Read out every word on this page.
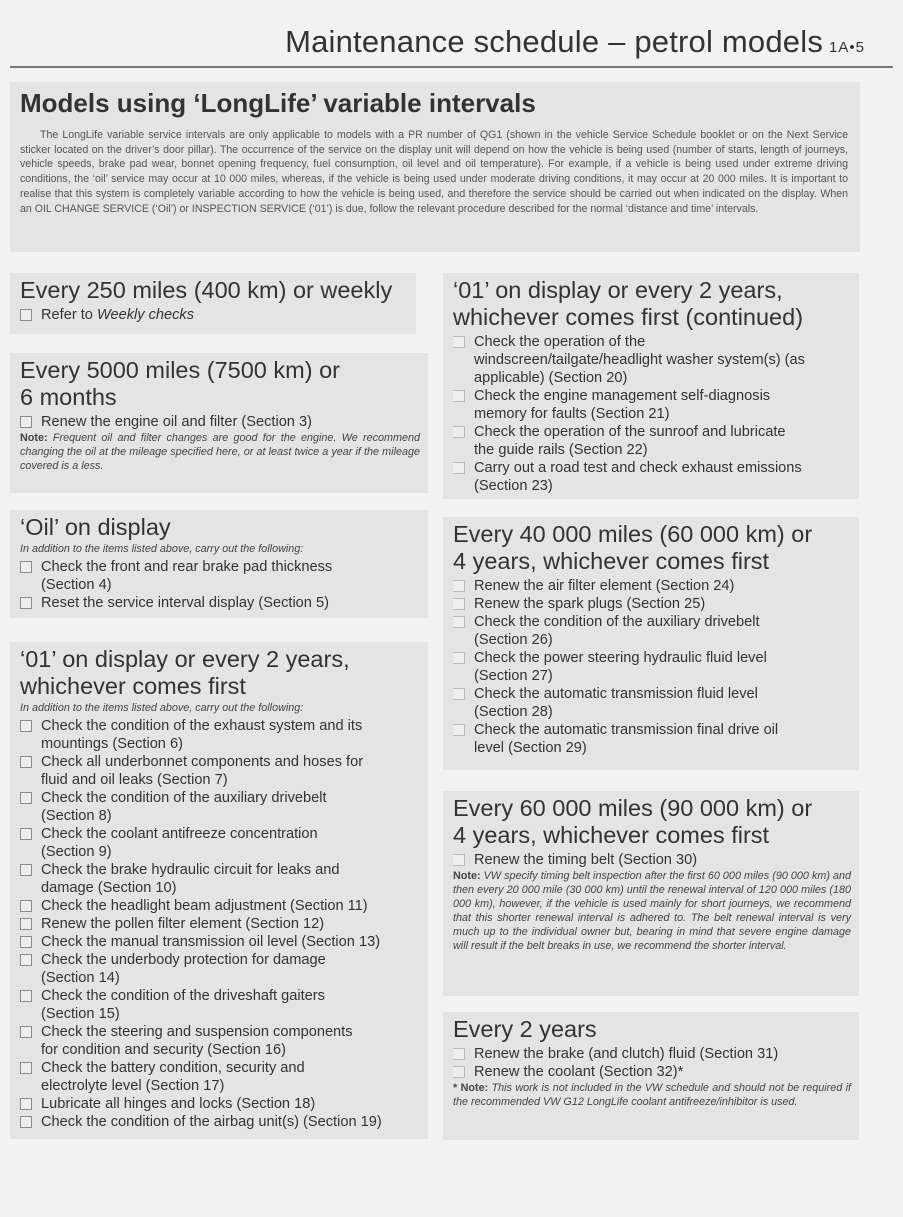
Maintenance schedule – petrol models 1A•5
Models using ‘LongLife’ variable intervals

The LongLife variable service intervals are only applicable to models with a PR number of QG1 (shown in the vehicle Service Schedule booklet or on the Next Service sticker located on the driver’s door pillar). The occurrence of the service on the display unit will depend on how the vehicle is being used (number of starts, length of journeys, vehicle speeds, brake pad wear, bonnet opening frequency, fuel consumption, oil level and oil temperature). For example, if a vehicle is being used under extreme driving conditions, the ‘oil’ service may occur at 10 000 miles, whereas, if the vehicle is being used under moderate driving conditions, it may occur at 20 000 miles. It is important to realise that this system is completely variable according to how the vehicle is being used, and therefore the service should be carried out when indicated on the display. When an OIL CHANGE SERVICE (‘Oil’) or INSPECTION SERVICE (‘01’) is due, follow the relevant procedure described for the normal ‘distance and time’ intervals.

Every 250 miles (400 km) or weekly
Refer to Weekly checks
Every 5000 miles (7500 km) or
6 months
Renew the engine oil and filter (Section 3)

Note: Frequent oil and filter changes are good for the engine. We recommend changing the oil at the mileage specified here, or at least twice a year if the mileage covered is a less.

‘Oil’ on display

In addition to the items listed above, carry out the following:

Check the front and rear brake pad thickness
(Section 4)
Reset the service interval display (Section 5)
‘01’ on display or every 2 years,
whichever comes first

In addition to the items listed above, carry out the following:

Check the condition of the exhaust system and its
mountings (Section 6)
Check all underbonnet components and hoses for
fluid and oil leaks (Section 7)
Check the condition of the auxiliary drivebelt
(Section 8)
Check the coolant antifreeze concentration
(Section 9)
Check the brake hydraulic circuit for leaks and
damage (Section 10)
Check the headlight beam adjustment (Section 11)
Renew the pollen filter element (Section 12)
Check the manual transmission oil level (Section 13)
Check the underbody protection for damage
(Section 14)
Check the condition of the driveshaft gaiters
(Section 15)
Check the steering and suspension components
for condition and security (Section 16)
Check the battery condition, security and
electrolyte level (Section 17)
Lubricate all hinges and locks (Section 18)
Check the condition of the airbag unit(s) (Section 19)
‘01’ on display or every 2 years,
whichever comes first (continued)
Check the operation of the
windscreen/tailgate/headlight washer system(s) (as
applicable) (Section 20)
Check the engine management self-diagnosis
memory for faults (Section 21)
Check the operation of the sunroof and lubricate
the guide rails (Section 22)
Carry out a road test and check exhaust emissions
(Section 23)
Every 40 000 miles (60 000 km) or
4 years, whichever comes first
Renew the air filter element (Section 24)
Renew the spark plugs (Section 25)
Check the condition of the auxiliary drivebelt
(Section 26)
Check the power steering hydraulic fluid level
(Section 27)
Check the automatic transmission fluid level
(Section 28)
Check the automatic transmission final drive oil
level (Section 29)
Every 60 000 miles (90 000 km) or
4 years, whichever comes first
Renew the timing belt (Section 30)

Note: VW specify timing belt inspection after the first 60 000 miles (90 000 km) and then every 20 000 mile (30 000 km) until the renewal interval of 120 000 miles (180 000 km), however, if the vehicle is used mainly for short journeys, we recommend that this shorter renewal interval is adhered to. The belt renewal interval is very much up to the individual owner but, bearing in mind that severe engine damage will result if the belt breaks in use, we recommend the shorter interval.

Every 2 years
Renew the brake (and clutch) fluid (Section 31)
Renew the coolant (Section 32)*

* Note: This work is not included in the VW schedule and should not be required if the recommended VW G12 LongLife coolant antifreeze/inhibitor is used.
